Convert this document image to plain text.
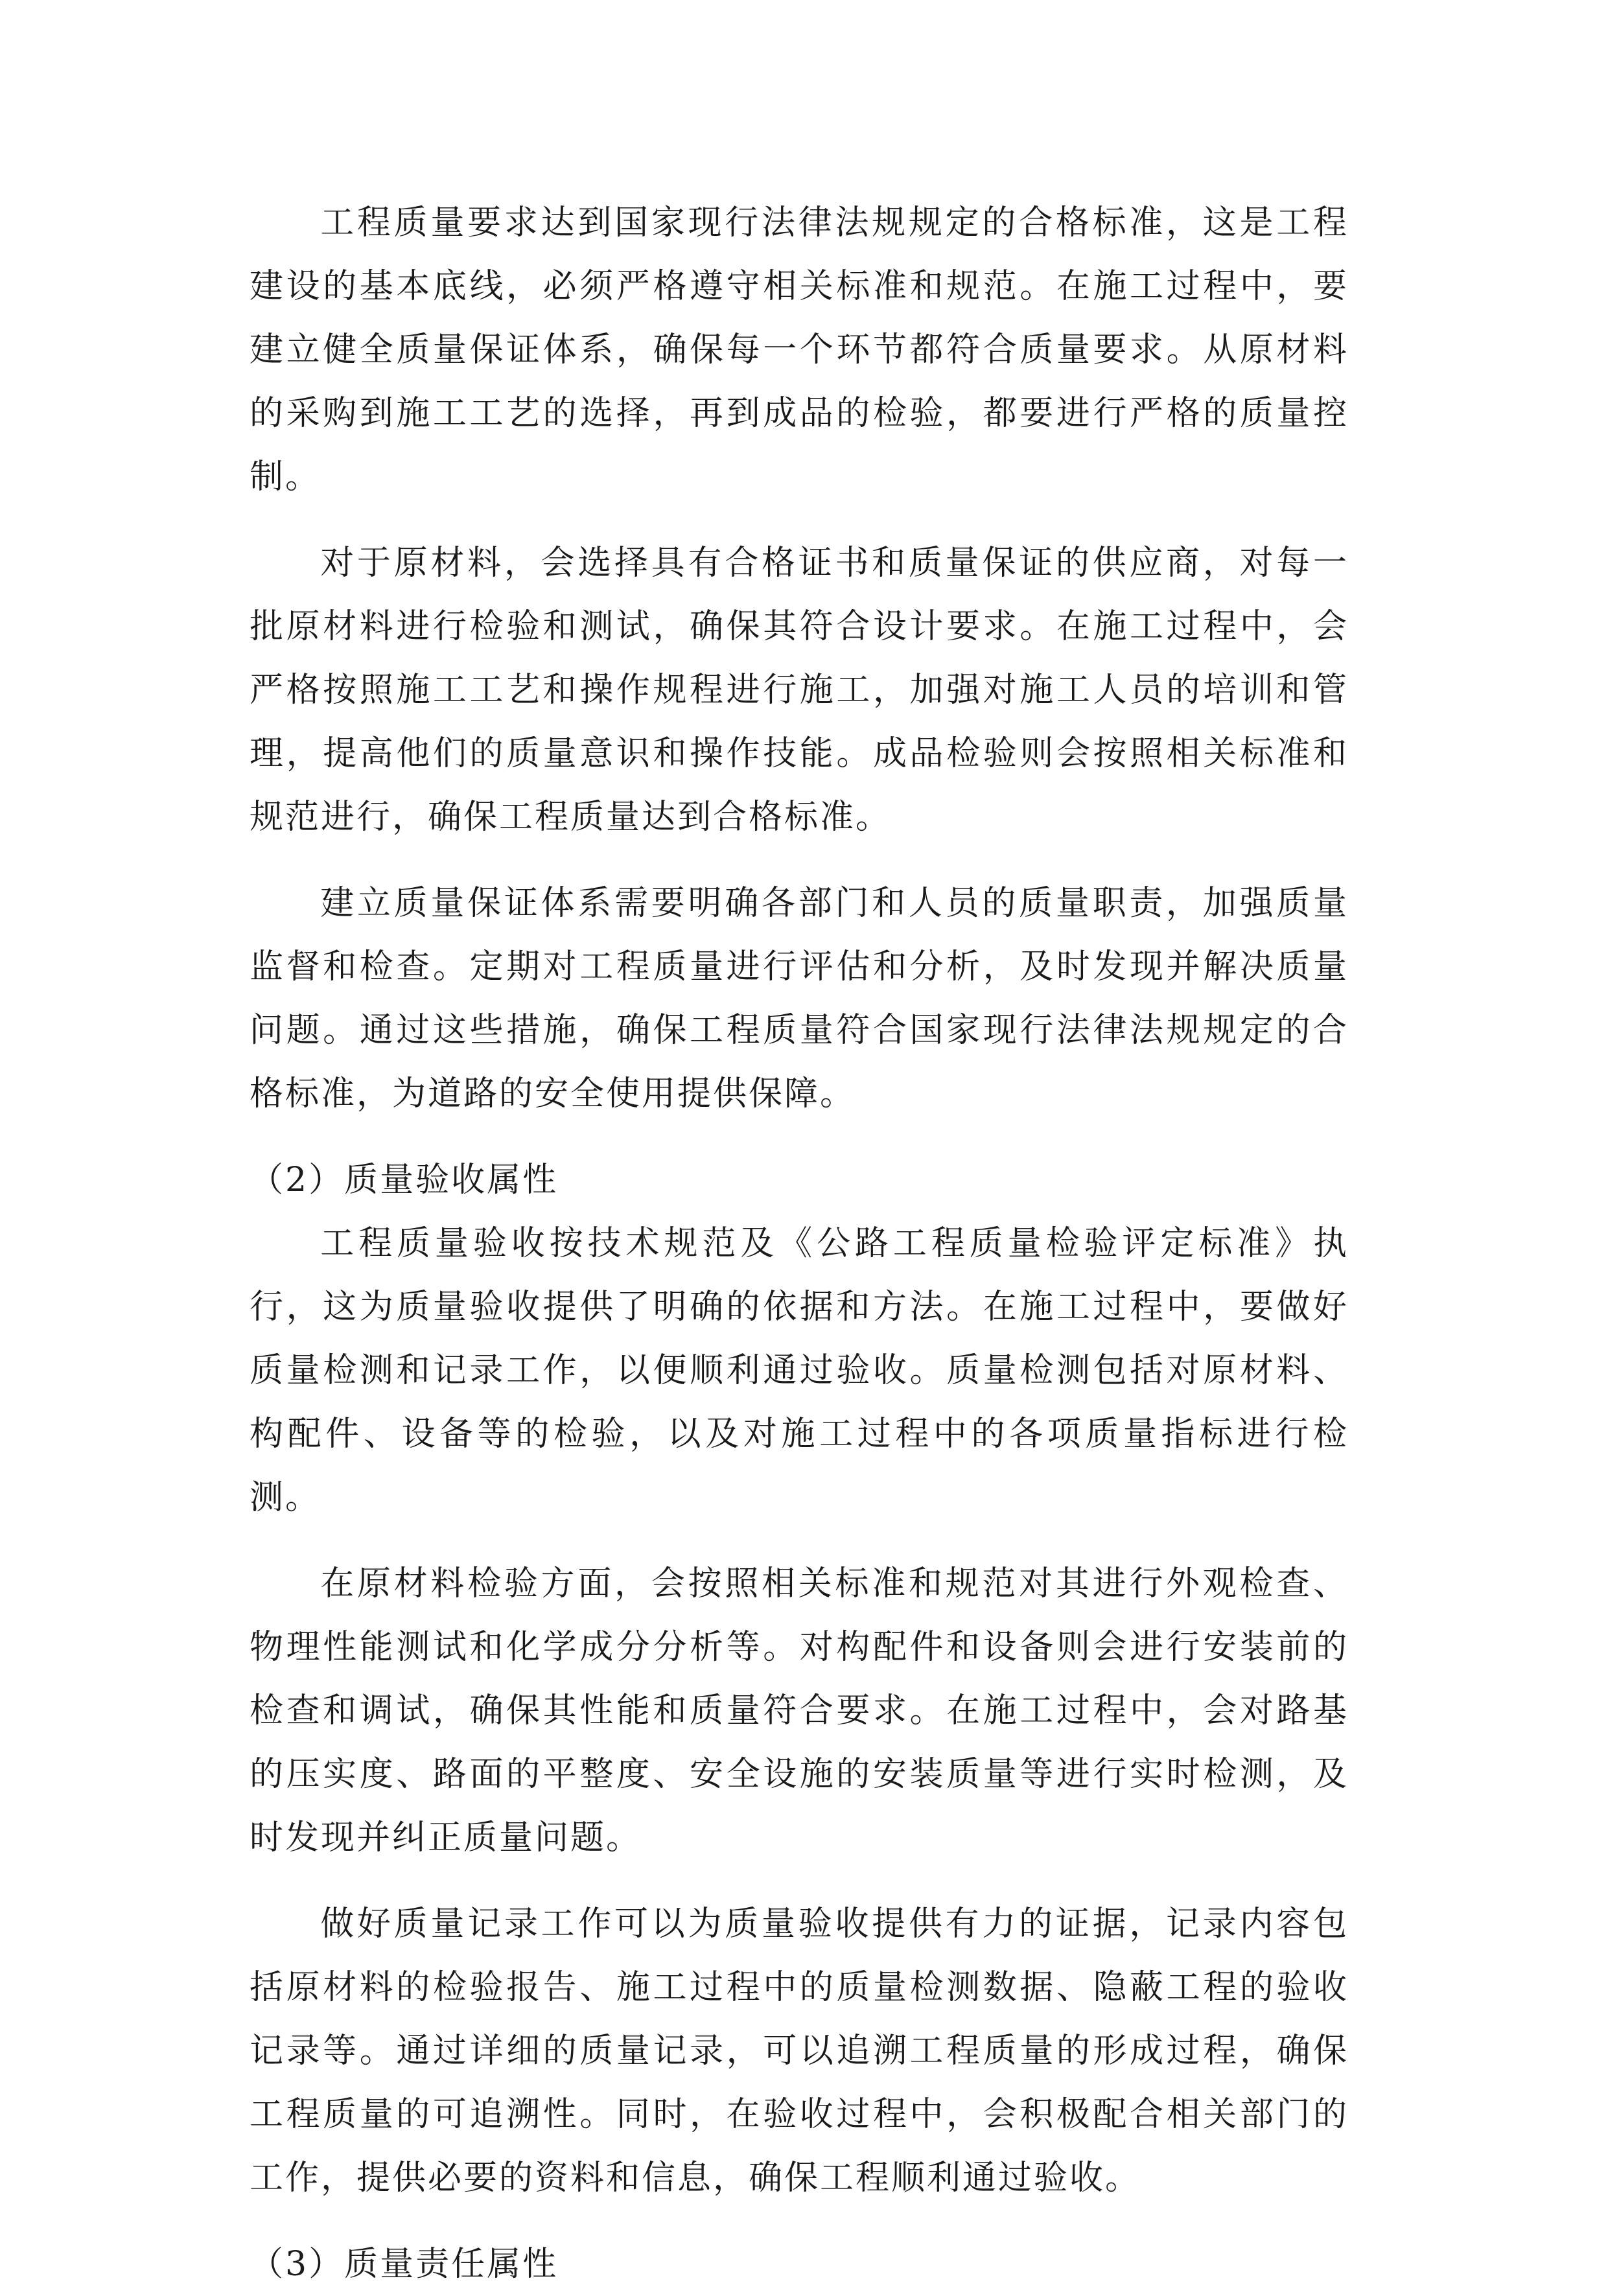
工程质量要求达到国家现行法律法规规定的合格标准，这是工程建设的基本底线，必须严格遵守相关标准和规范。在施工过程中，要建立健全质量保证体系，确保每一个环节都符合质量要求。从原材料的采购到施工工艺的选择，再到成品的检验，都要进行严格的质量控制。

对于原材料，会选择具有合格证书和质量保证的供应商，对每一批原材料进行检验和测试，确保其符合设计要求。在施工过程中，会严格按照施工工艺和操作规程进行施工，加强对施工人员的培训和管理，提高他们的质量意识和操作技能。成品检验则会按照相关标准和规范进行，确保工程质量达到合格标准。

建立质量保证体系需要明确各部门和人员的质量职责，加强质量监督和检查。定期对工程质量进行评估和分析，及时发现并解决质量问题。通过这些措施，确保工程质量符合国家现行法律法规规定的合格标准，为道路的安全使用提供保障。

（2）质量验收属性

工程质量验收按技术规范及《公路工程质量检验评定标准》执行，这为质量验收提供了明确的依据和方法。在施工过程中，要做好质量检测和记录工作，以便顺利通过验收。质量检测包括对原材料、构配件、设备等的检验，以及对施工过程中的各项质量指标进行检测。

在原材料检验方面，会按照相关标准和规范对其进行外观检查、物理性能测试和化学成分分析等。对构配件和设备则会进行安装前的检查和调试，确保其性能和质量符合要求。在施工过程中，会对路基的压实度、路面的平整度、安全设施的安装质量等进行实时检测，及时发现并纠正质量问题。

做好质量记录工作可以为质量验收提供有力的证据，记录内容包括原材料的检验报告、施工过程中的质量检测数据、隐蔽工程的验收记录等。通过详细的质量记录，可以追溯工程质量的形成过程，确保工程质量的可追溯性。同时，在验收过程中，会积极配合相关部门的工作，提供必要的资料和信息，确保工程顺利通过验收。

（3）质量责任属性
